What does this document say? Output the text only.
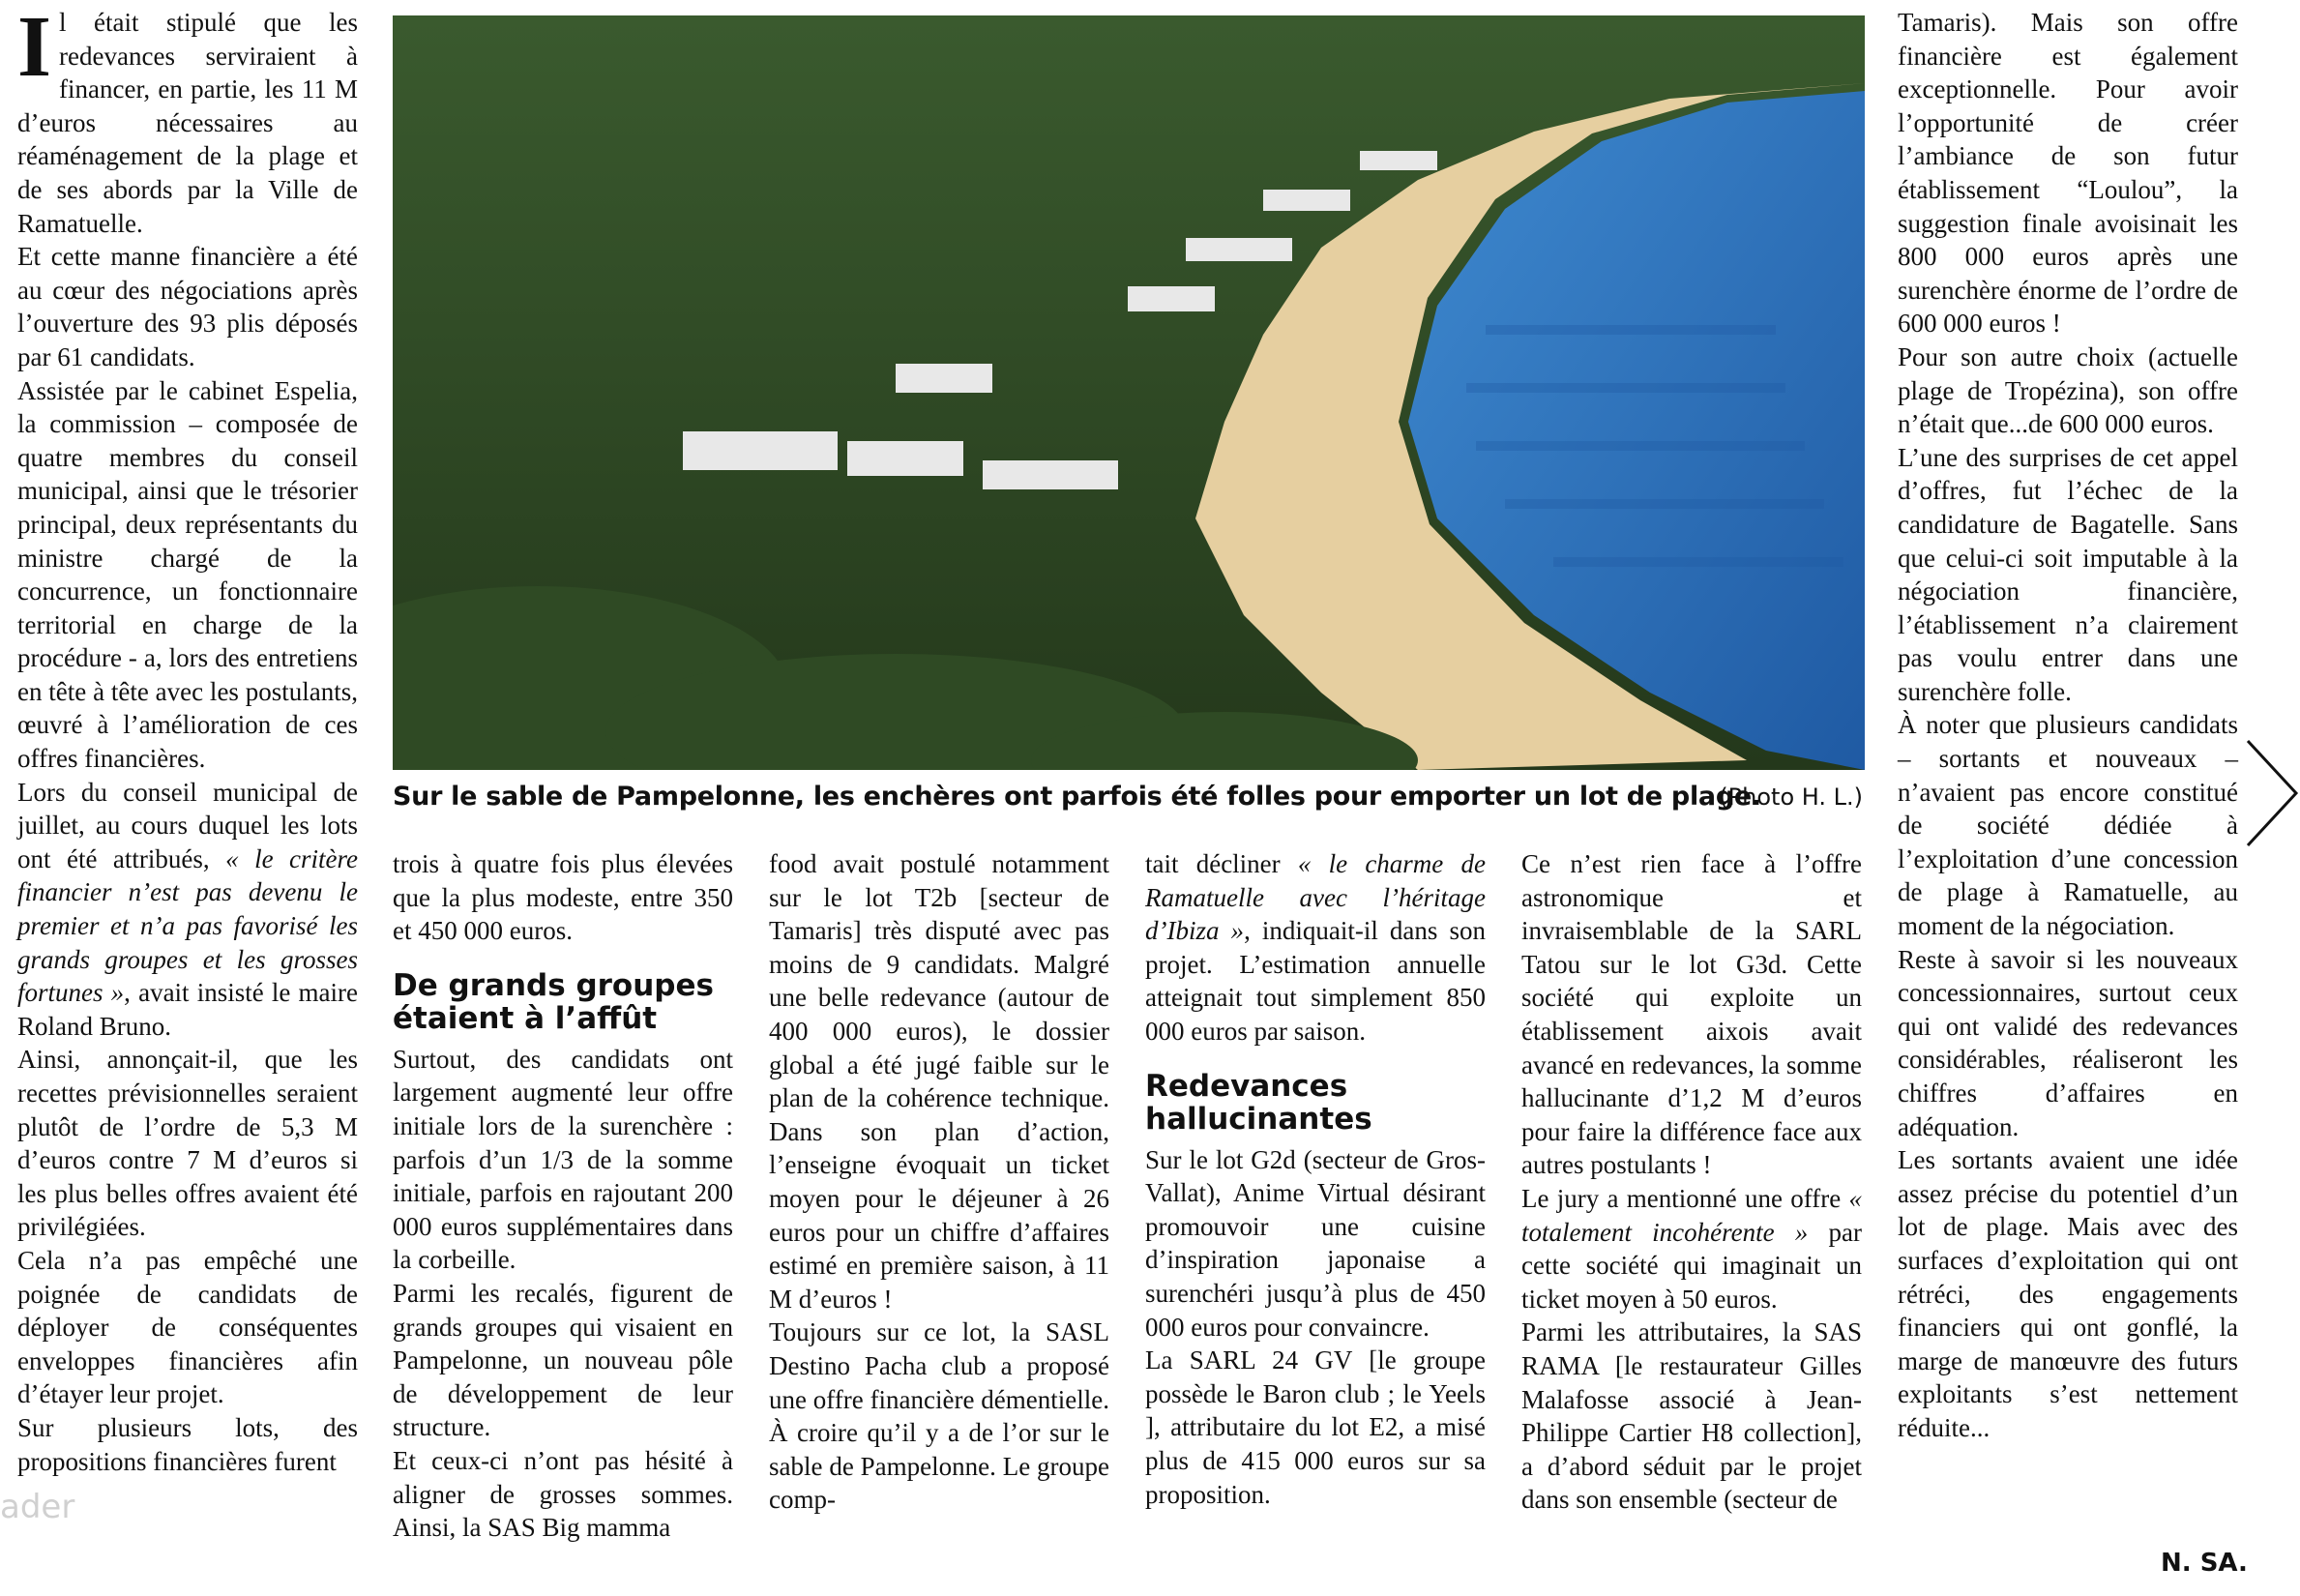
I l était stipulé que les redevances serviraient à financer, en partie, les 11 M d’euros nécessaires au réaménagement de la plage et de ses abords par la Ville de Ramatuelle.

Et cette manne financière a été au cœur des négociations après l’ouverture des 93 plis déposés par 61 candidats.

Assistée par le cabinet Espelia, la commission – composée de quatre membres du conseil municipal, ainsi que le trésorier principal, deux représentants du ministre chargé de la concurrence, un fonctionnaire territorial en charge de la procédure - a, lors des entretiens en tête à tête avec les postulants, œuvré à l’amélioration de ces offres financières.

Lors du conseil municipal de juillet, au cours duquel les lots ont été attribués, « le critère financier n’est pas devenu le premier et n’a pas favorisé les grands groupes et les grosses fortunes », avait insisté le maire Roland Bruno.

Ainsi, annonçait-il, que les recettes prévisionnelles seraient plutôt de l’ordre de 5,3 M d’euros contre 7 M d’euros si les plus belles offres avaient été privilégiées.

Cela n’a pas empêché une poignée de candidats de déployer de conséquentes enveloppes financières afin d’étayer leur projet.

Sur plusieurs lots, des propositions financières furent

Sur le sable de Pampelonne, les enchères ont parfois été folles pour emporter un lot de plage.
(Photo H. L.)

trois à quatre fois plus élevées que la plus modeste, entre 350 et 450 000 euros.

De grands groupes étaient à l’affût

Surtout, des candidats ont largement augmenté leur offre initiale lors de la surenchère : parfois d’un 1/3 de la somme initiale, parfois en rajoutant 200 000 euros supplémentaires dans la corbeille.

Parmi les recalés, figurent de grands groupes qui visaient en Pampelonne, un nouveau pôle de développement de leur structure.

Et ceux-ci n’ont pas hésité à aligner de grosses sommes. Ainsi, la SAS Big mamma

food avait postulé notamment sur le lot T2b [secteur de Tamaris] très disputé avec pas moins de 9 candidats. Malgré une belle redevance (autour de 400 000 euros), le dossier global a été jugé faible sur le plan de la cohérence technique. Dans son plan d’action, l’enseigne évoquait un ticket moyen pour le déjeuner à 26 euros pour un chiffre d’affaires estimé en première saison, à 11 M d’euros !

Toujours sur ce lot, la SASL Destino Pacha club a proposé une offre financière démentielle. À croire qu’il y a de l’or sur le sable de Pampelonne. Le groupe comp-

tait décliner « le charme de Ramatuelle avec l’héritage d’Ibiza », indiquait-il dans son projet. L’estimation annuelle atteignait tout simplement 850 000 euros par saison.

Redevances hallucinantes

Sur le lot G2d (secteur de Gros-Vallat), Anime Virtual désirant promouvoir une cuisine d’inspiration japonaise a surenchéri jusqu’à plus de 450 000 euros pour convaincre.

La SARL 24 GV [le groupe possède le Baron club ; le Yeels ], attributaire du lot E2, a misé plus de 415 000 euros sur sa proposition.

Ce n’est rien face à l’offre astronomique et invraisemblable de la SARL Tatou sur le lot G3d. Cette société qui exploite un établissement aixois avait avancé en redevances, la somme hallucinante d’1,2 M d’euros pour faire la différence face aux autres postulants !

Le jury a mentionné une offre « totalement incohérente » par cette société qui imaginait un ticket moyen à 50 euros.

Parmi les attributaires, la SAS RAMA [le restaurateur Gilles Malafosse associé à Jean-Philippe Cartier H8 collection], a d’abord séduit par le projet dans son ensemble (secteur de

Tamaris). Mais son offre financière est également exceptionnelle. Pour avoir l’opportunité de créer l’ambiance de son futur établissement “Loulou”, la suggestion finale avoisinait les 800 000 euros après une surenchère énorme de l’ordre de 600 000 euros !

Pour son autre choix (actuelle plage de Tropézina), son offre n’était que...de 600 000 euros.

L’une des surprises de cet appel d’offres, fut l’échec de la candidature de Bagatelle. Sans que celui-ci soit imputable à la négociation financière, l’établissement n’a clairement pas voulu entrer dans une surenchère folle.

À noter que plusieurs candidats – sortants et nouveaux – n’avaient pas encore constitué de société dédiée à l’exploitation d’une concession de plage à Ramatuelle, au moment de la négociation.

Reste à savoir si les nouveaux concessionnaires, surtout ceux qui ont validé des redevances considérables, réaliseront les chiffres d’affaires en adéquation.

Les sortants avaient une idée assez précise du potentiel d’un lot de plage. Mais avec des surfaces d’exploitation qui ont rétréci, des engagements financiers qui ont gonflé, la marge de manœuvre des futurs exploitants s’est nettement réduite...

N. SA.
ader
